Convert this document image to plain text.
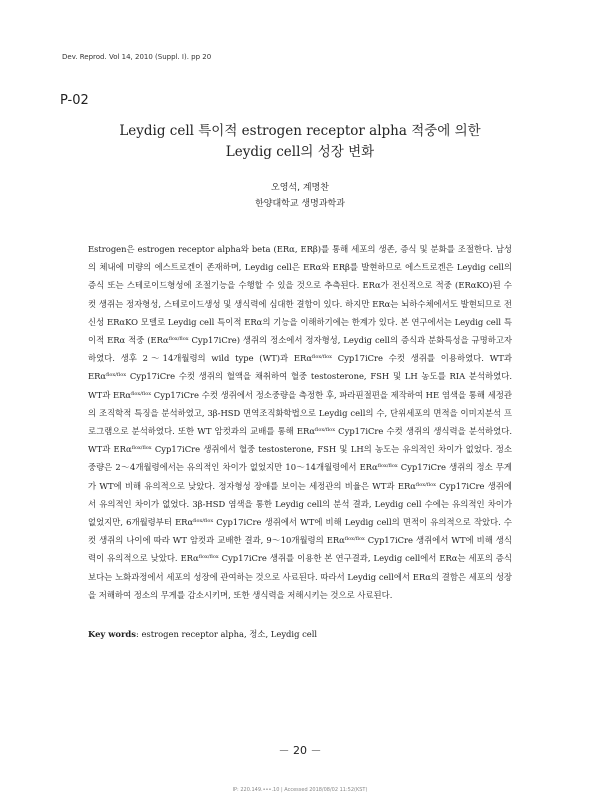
Dev. Reprod. Vol 14, 2010 (Suppl. I). pp 20
P-02
Leydig cell 특이적 estrogen receptor alpha 적중에 의한
Leydig cell의 성장 변화
오영석, 계명찬
한양대학교 생명과학과

Estrogen은 estrogen receptor alpha와 beta (ERα, ERβ)를 통해 세포의 생존, 증식 및 분화를 조절한다. 남성의 체내에 미량의 에스트로겐이 존재하며, Leydig cell은 ERα와 ERβ를 발현하므로 에스트로겐은 Leydig cell의 증식 또는 스테로이드형성에 조절기능을 수행할 수 있을 것으로 추측된다. ERα가 전신적으로 적중 (ERαKO)된 수컷 생쥐는 정자형성, 스테로이드생성 및 생식력에 심대한 결함이 있다. 하지만 ERα는 뇌하수체에서도 발현되므로 전신성 ERαKO 모델로 Leydig cell 특이적 ERα의 기능을 이해하기에는 한계가 있다. 본 연구에서는 Leydig cell 특이적 ERα 적중 (ERα$^{flox/flox}$ Cyp17iCre) 생쥐의 정소에서 정자형성, Leydig cell의 증식과 분화특성을 규명하고자 하였다. 생후 2～14개월령의 wild type (WT)과 ERα$^{flox/flox}$ Cyp17iCre 수컷 생쥐를 이용하였다. WT과 ERα$^{flox/flox}$ Cyp17iCre 수컷 생쥐의 혈액을 채취하여 혈중 testosterone, FSH 및 LH 농도를 RIA 분석하였다. WT과 ERα$^{flox/flox}$ Cyp17iCre 수컷 생쥐에서 정소중량을 측정한 후, 파라핀절편을 제작하여 HE 염색을 통해 세정관의 조직학적 특징을 분석하였고, 3β-HSD 면역조직화학법으로 Leydig cell의 수, 단위세포의 면적을 이미지분석 프로그램으로 분석하였다. 또한 WT 암컷과의 교배를 통해 ERα$^{flox/flox}$ Cyp17iCre 수컷 생쥐의 생식력을 분석하였다. WT과 ERα$^{flox/flox}$ Cyp17iCre 생쥐에서 혈중 testosterone, FSH 및 LH의 농도는 유의적인 차이가 없었다. 정소 중량은 2～4개월령에서는 유의적인 차이가 없었지만 10～14개월령에서 ERα$^{flox/flox}$ Cyp17iCre 생쥐의 정소 무게가 WT에 비해 유의적으로 낮았다. 정자형성 장애를 보이는 세정관의 비율은 WT과 ERα$^{flox/flox}$ Cyp17iCre 생쥐에서 유의적인 차이가 없었다. 3β-HSD 염색을 통한 Leydig cell의 분석 결과, Leydig cell 수에는 유의적인 차이가 없었지만, 6개월령부터 ERα$^{flox/flox}$ Cyp17iCre 생쥐에서 WT에 비해 Leydig cell의 면적이 유의적으로 작았다. 수컷 생쥐의 나이에 따라 WT 암컷과 교배한 결과, 9～10개월령의 ERα$^{flox/flox}$ Cyp17iCre 생쥐에서 WT에 비해 생식력이 유의적으로 낮았다. ERα$^{flox/flox}$ Cyp17iCre 생쥐를 이용한 본 연구결과, Leydig cell에서 ERα는 세포의 증식보다는 노화과정에서 세포의 성장에 관여하는 것으로 사료된다. 따라서 Leydig cell에서 ERα의 결함은 세포의 성장을 저해하여 정소의 무게를 감소시키며, 또한 생식력을 저해시키는 것으로 사료된다.

Key words: estrogen receptor alpha, 정소, Leydig cell
－ 20 －
IP: 220.149.•••.10 | Accessed 2018/08/02 11:52(KST)
